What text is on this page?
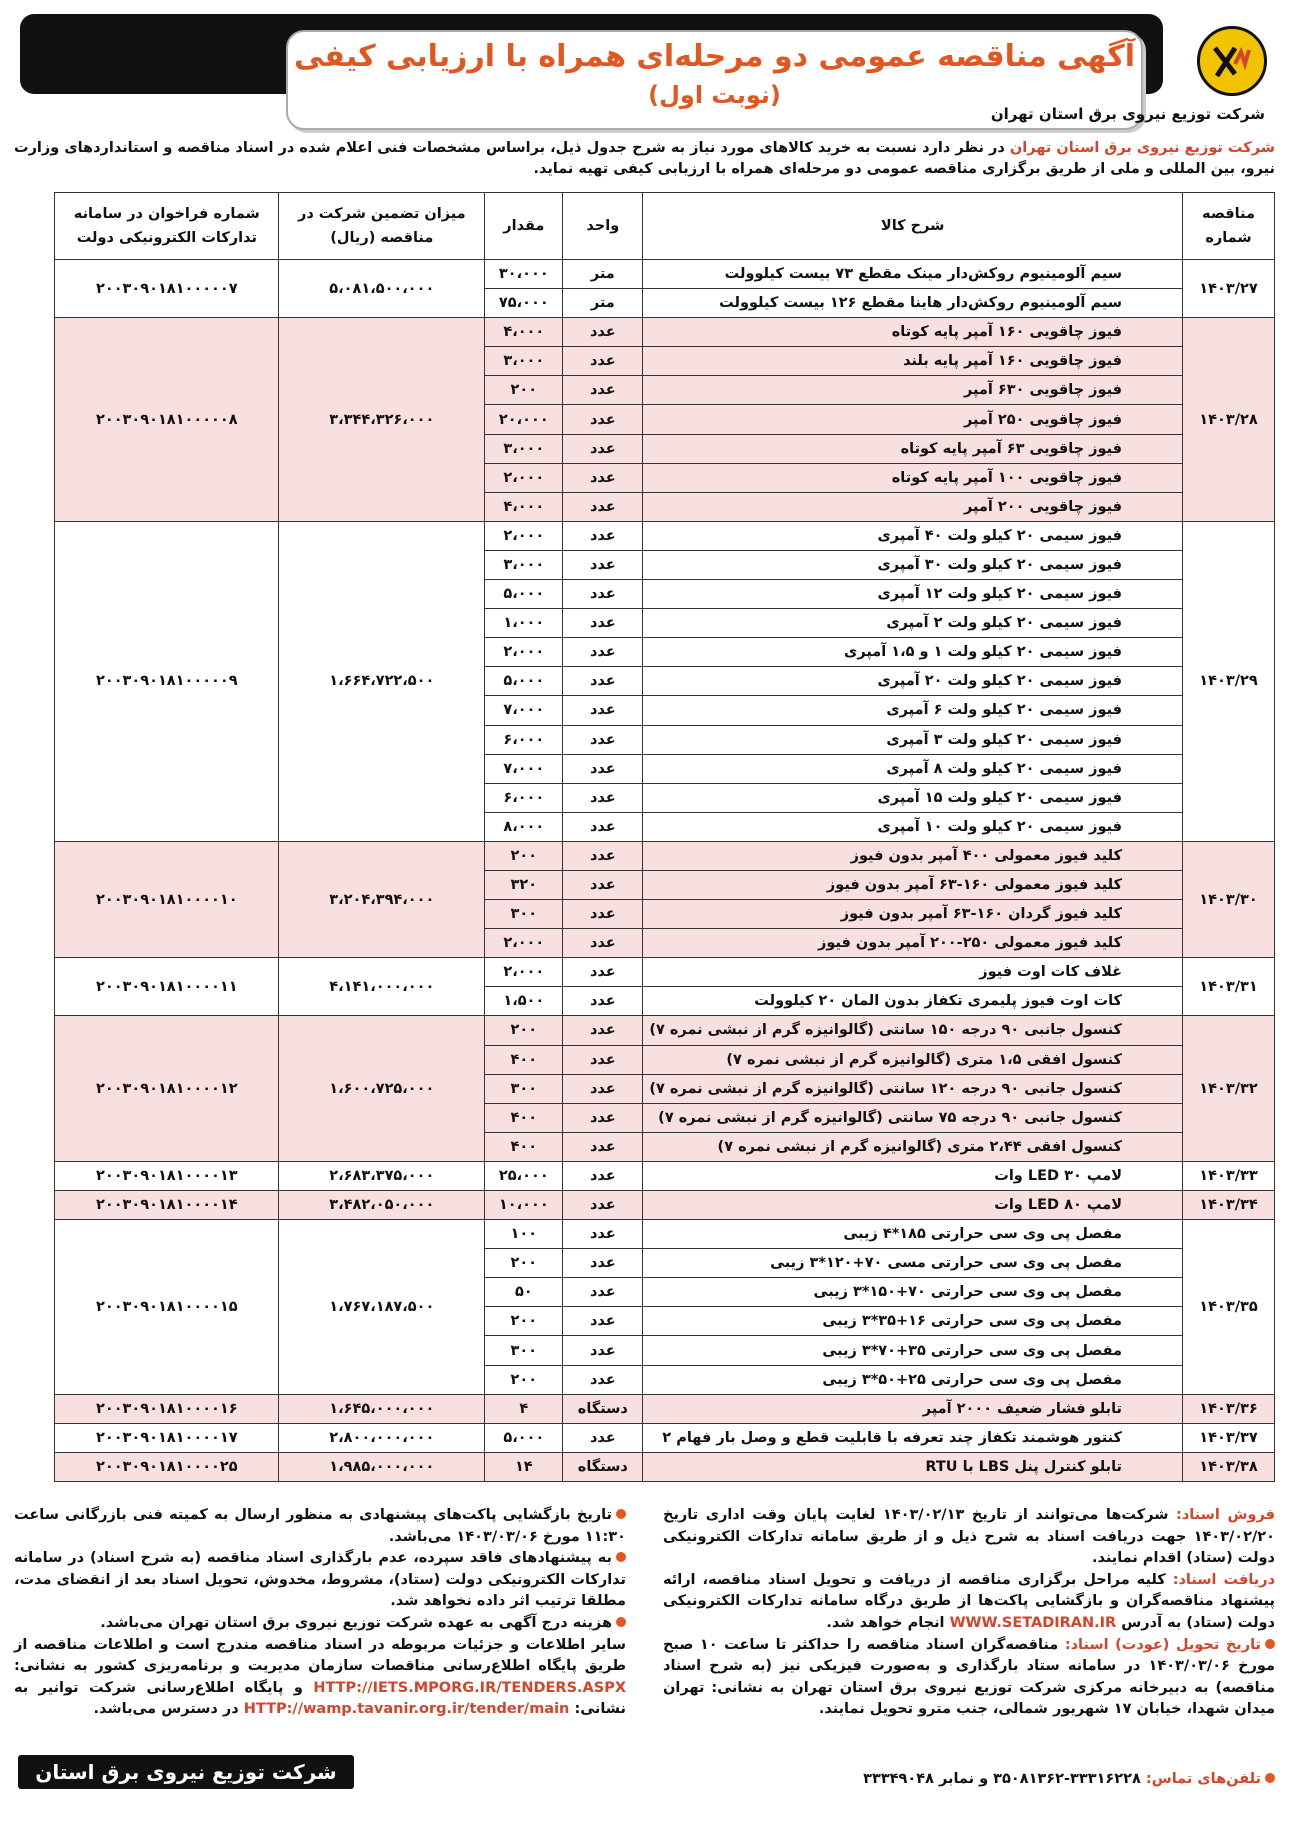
آگهی مناقصه عمومی دو مرحله‌ای همراه با ارزیابی کیفی
(نوبت اول)
شرکت توزیع نیروی برق استان تهران
شرکت توزیع نیروی برق استان تهران در نظر دارد نسبت به خرید کالاهای مورد نیاز به شرح جدول ذیل، براساس مشخصات فنی اعلام شده در اسناد مناقصه و استانداردهای وزارت نیرو، بین المللی و ملی از طریق برگزاری مناقصه عمومی دو مرحله‌ای همراه با ارزیابی کیفی تهیه نماید.
مناقصه شماره	شرح کالا	واحد	مقدار	میزان تضمین شرکت در مناقصه (ریال)	شماره فراخوان در سامانه تدارکات الکترونیکی دولت
۱۴۰۳/۲۷	سیم آلومینیوم روکش‌دار مینک مقطع ۷۳ بیست کیلوولت	متر	۳۰،۰۰۰	۵،۰۸۱،۵۰۰،۰۰۰	۲۰۰۳۰۹۰۱۸۱۰۰۰۰۰۷
	سیم آلومینیوم روکش‌دار هاینا مقطع ۱۲۶ بیست کیلوولت	متر	۷۵،۰۰۰		
۱۴۰۳/۲۸	فیوز چاقویی ۱۶۰ آمپر پایه کوتاه	عدد	۴،۰۰۰	۳،۳۴۴،۳۲۶،۰۰۰	۲۰۰۳۰۹۰۱۸۱۰۰۰۰۰۸
	فیوز چاقویی ۱۶۰ آمپر پایه بلند	عدد	۳،۰۰۰		
	فیوز چاقویی ۶۳۰ آمپر	عدد	۲۰۰		
	فیوز چاقویی ۲۵۰ آمپر	عدد	۲۰،۰۰۰		
	فیوز چاقویی ۶۳ آمپر پایه کوتاه	عدد	۳،۰۰۰		
	فیوز چاقویی ۱۰۰ آمپر پایه کوتاه	عدد	۲،۰۰۰		
	فیوز چاقویی ۲۰۰ آمپر	عدد	۴،۰۰۰		
۱۴۰۳/۲۹	فیوز سیمی ۲۰ کیلو ولت ۴۰ آمپری	عدد	۲،۰۰۰	۱،۶۶۴،۷۲۲،۵۰۰	۲۰۰۳۰۹۰۱۸۱۰۰۰۰۰۹
	فیوز سیمی ۲۰ کیلو ولت ۳۰ آمپری	عدد	۳،۰۰۰		
	فیوز سیمی ۲۰ کیلو ولت ۱۲ آمپری	عدد	۵،۰۰۰		
	فیوز سیمی ۲۰ کیلو ولت ۲ آمپری	عدد	۱،۰۰۰		
	فیوز سیمی ۲۰ کیلو ولت ۱ و ۱،۵ آمپری	عدد	۲،۰۰۰		
	فیوز سیمی ۲۰ کیلو ولت ۲۰ آمپری	عدد	۵،۰۰۰		
	فیوز سیمی ۲۰ کیلو ولت ۶ آمپری	عدد	۷،۰۰۰		
	فیوز سیمی ۲۰ کیلو ولت ۳ آمپری	عدد	۶،۰۰۰		
	فیوز سیمی ۲۰ کیلو ولت ۸ آمپری	عدد	۷،۰۰۰		
	فیوز سیمی ۲۰ کیلو ولت ۱۵ آمپری	عدد	۶،۰۰۰		
	فیوز سیمی ۲۰ کیلو ولت ۱۰ آمپری	عدد	۸،۰۰۰		
۱۴۰۳/۳۰	کلید فیوز معمولی ۴۰۰ آمپر بدون فیوز	عدد	۲۰۰	۳،۲۰۴،۳۹۴،۰۰۰	۲۰۰۳۰۹۰۱۸۱۰۰۰۰۱۰
	کلید فیوز معمولی ۱۶۰-۶۳ آمپر بدون فیوز	عدد	۳۲۰		
	کلید فیوز گردان ۱۶۰-۶۳ آمپر بدون فیوز	عدد	۳۰۰		
	کلید فیوز معمولی ۲۵۰-۲۰۰ آمپر بدون فیوز	عدد	۲،۰۰۰		
۱۴۰۳/۳۱	غلاف کات اوت فیوز	عدد	۲،۰۰۰	۴،۱۴۱،۰۰۰،۰۰۰	۲۰۰۳۰۹۰۱۸۱۰۰۰۰۱۱
	کات اوت فیوز پلیمری تکفاز بدون المان ۲۰ کیلوولت	عدد	۱،۵۰۰		
۱۴۰۳/۳۲	کنسول جانبی ۹۰ درجه ۱۵۰ سانتی (گالوانیزه گرم از نبشی نمره ۷)	عدد	۲۰۰	۱،۶۰۰،۷۲۵،۰۰۰	۲۰۰۳۰۹۰۱۸۱۰۰۰۰۱۲
	کنسول افقی ۱،۵ متری (گالوانیزه گرم از نبشی نمره ۷)	عدد	۴۰۰		
	کنسول جانبی ۹۰ درجه ۱۲۰ سانتی (گالوانیزه گرم از نبشی نمره ۷)	عدد	۳۰۰		
	کنسول جانبی ۹۰ درجه ۷۵ سانتی (گالوانیزه گرم از نبشی نمره ۷)	عدد	۴۰۰		
	کنسول افقی ۲،۴۴ متری (گالوانیزه گرم از نبشی نمره ۷)	عدد	۴۰۰		
۱۴۰۳/۳۳	لامپ LED ۳۰ وات	عدد	۲۵،۰۰۰	۲،۶۸۳،۳۷۵،۰۰۰	۲۰۰۳۰۹۰۱۸۱۰۰۰۰۱۳
۱۴۰۳/۳۴	لامپ LED ۸۰ وات	عدد	۱۰،۰۰۰	۳،۴۸۲،۰۵۰،۰۰۰	۲۰۰۳۰۹۰۱۸۱۰۰۰۰۱۴
۱۴۰۳/۳۵	مفصل پی وی سی حرارتی ۱۸۵*۴ زیبی	عدد	۱۰۰	۱،۷۶۷،۱۸۷،۵۰۰	۲۰۰۳۰۹۰۱۸۱۰۰۰۰۱۵
	مفصل پی وی سی حرارتی مسی ۷۰+۱۲۰*۳ زیبی	عدد	۲۰۰		
	مفصل پی وی سی حرارتی ۷۰+۱۵۰*۳ زیبی	عدد	۵۰		
	مفصل پی وی سی حرارتی ۱۶+۳۵*۳ زیبی	عدد	۲۰۰		
	مفصل پی وی سی حرارتی ۳۵+۷۰*۳ زیبی	عدد	۳۰۰		
	مفصل پی وی سی حرارتی ۲۵+۵۰*۳ زیبی	عدد	۲۰۰		
۱۴۰۳/۳۶	تابلو فشار ضعیف ۲۰۰۰ آمپر	دستگاه	۴	۱،۶۴۵،۰۰۰،۰۰۰	۲۰۰۳۰۹۰۱۸۱۰۰۰۰۱۶
۱۴۰۳/۳۷	کنتور هوشمند تکفاز چند تعرفه با قابلیت قطع و وصل بار فهام ۲	عدد	۵،۰۰۰	۲،۸۰۰،۰۰۰،۰۰۰	۲۰۰۳۰۹۰۱۸۱۰۰۰۰۱۷
۱۴۰۳/۳۸	تابلو کنترل پنل LBS با RTU	دستگاه	۱۴	۱،۹۸۵،۰۰۰،۰۰۰	۲۰۰۳۰۹۰۱۸۱۰۰۰۰۲۵
فروش اسناد: شرکت‌ها می‌توانند از تاریخ ۱۴۰۳/۰۲/۱۳ لغایت پایان وقت اداری تاریخ ۱۴۰۳/۰۲/۲۰ جهت دریافت اسناد به شرح ذیل و از طریق سامانه تدارکات الکترونیکی دولت (ستاد) اقدام نمایند.
دریافت اسناد: کلیه مراحل برگزاری مناقصه از دریافت و تحویل اسناد مناقصه، ارائه پیشنهاد مناقصه‌گران و بازگشایی پاکت‌ها از طریق درگاه سامانه تدارکات الکترونیکی دولت (ستاد) به آدرس WWW.SETADIRAN.IR انجام خواهد شد.
تاریخ تحویل (عودت) اسناد: مناقصه‌گران اسناد مناقصه را حداکثر تا ساعت ۱۰ صبح مورخ ۱۴۰۳/۰۳/۰۶ در سامانه ستاد بارگذاری و به‌صورت فیزیکی نیز (به شرح اسناد مناقصه) به دبیرخانه مرکزی شرکت توزیع نیروی برق استان تهران به نشانی: تهران میدان شهدا، خیابان ۱۷ شهریور شمالی، جنب مترو تحویل نمایند.
تاریخ بازگشایی پاکت‌های پیشنهادی به منظور ارسال به کمیته فنی بازرگانی ساعت ۱۱:۳۰ مورخ ۱۴۰۳/۰۳/۰۶ می‌باشد.
به پیشنهادهای فاقد سپرده، عدم بارگذاری اسناد مناقصه (به شرح اسناد) در سامانه تدارکات الکترونیکی دولت (ستاد)، مشروط، مخدوش، تحویل اسناد بعد از انقضای مدت، مطلقا ترتیب اثر داده نخواهد شد.
هزینه درج آگهی به عهده شرکت توزیع نیروی برق استان تهران می‌باشد.
سایر اطلاعات و جزئیات مربوطه در اسناد مناقصه مندرج است و اطلاعات مناقصه از طریق پایگاه اطلاع‌رسانی مناقصات سازمان مدیریت و برنامه‌ریزی کشور به نشانی: HTTP://IETS.MPORG.IR/TENDERS.ASPX و پایگاه اطلاع‌رسانی شرکت توانیر به نشانی: HTTP://wamp.tavanir.org.ir/tender/main در دسترس می‌باشد.
تلفن‌های تماس: ۳۳۳۱۶۲۲۸-۳۵۰۸۱۳۶۲ و نمابر ۳۳۳۴۹۰۴۸
شرکت توزیع نیروی برق استان تهران
